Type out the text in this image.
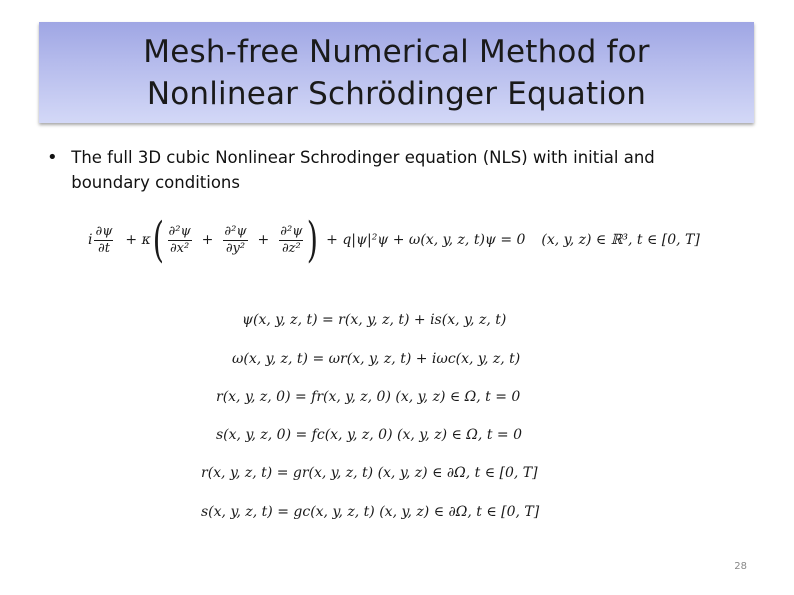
Mesh-free Numerical Method for
Nonlinear Schrödinger Equation
• The full 3D cubic Nonlinear Schrodinger equation (NLS) with initial and boundary conditions
i $\frac{\partial\psi}{\partial t} + \kappa$ ( $\frac{\text{∂²ψ}}{\text{∂x²}} + \frac{\text{∂²ψ}}{\text{∂y²}} + \frac{\text{∂²ψ}}{\text{∂z²}}$ ) + q|ψ|²ψ + ω(x, y, z, t)ψ = 0 (x, y, z) ∈ ℝ³, t ∈ [0, T]
ψ(x, y, z, t) = r(x, y, z, t) + is(x, y, z, t)
ω(x, y, z, t) = ωr(x, y, z, t) + iωc(x, y, z, t)
r(x, y, z, 0) = fr(x, y, z, 0) (x, y, z) ∈ Ω, t = 0
s(x, y, z, 0) = fc(x, y, z, 0) (x, y, z) ∈ Ω, t = 0
r(x, y, z, t) = gr(x, y, z, t) (x, y, z) ∈ ∂Ω, t ∈ [0, T]
s(x, y, z, t) = gc(x, y, z, t) (x, y, z) ∈ ∂Ω, t ∈ [0, T]
28
